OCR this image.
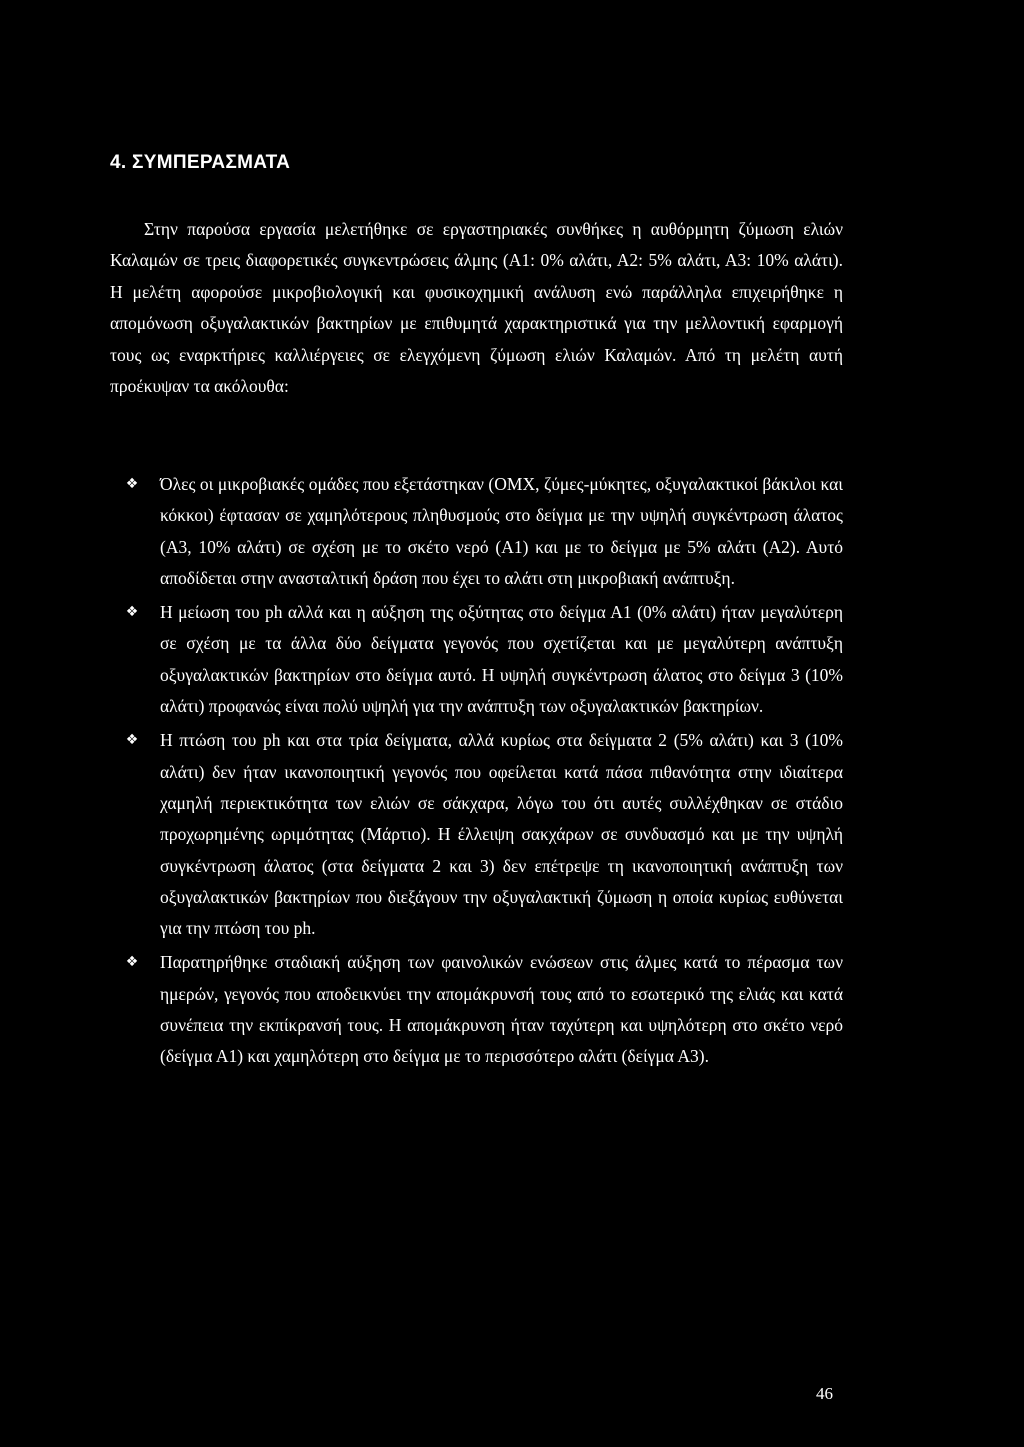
4. ΣΥΜΠΕΡΑΣΜΑΤΑ

Στην παρούσα εργασία μελετήθηκε σε εργαστηριακές συνθήκες η αυθόρμητη ζύμωση ελιών Καλαμών σε τρεις διαφορετικές συγκεντρώσεις άλμης (Α1: 0% αλάτι, Α2: 5% αλάτι, Α3: 10% αλάτι). Η μελέτη αφορούσε μικροβιολογική και φυσικοχημική ανάλυση ενώ παράλληλα επιχειρήθηκε η απομόνωση οξυγαλακτικών βακτηρίων με επιθυμητά χαρακτηριστικά για την μελλοντική εφαρμογή τους ως εναρκτήριες καλλιέργειες σε ελεγχόμενη ζύμωση ελιών Καλαμών. Από τη μελέτη αυτή προέκυψαν τα ακόλουθα:

❖ Όλες οι μικροβιακές ομάδες που εξετάστηκαν (ΟΜΧ, ζύμες-μύκητες, οξυγαλακτικοί βάκιλοι και κόκκοι) έφτασαν σε χαμηλότερους πληθυσμούς στο δείγμα με την υψηλή συγκέντρωση άλατος (Α3, 10% αλάτι) σε σχέση με το σκέτο νερό (Α1) και με το δείγμα με 5% αλάτι (Α2). Αυτό αποδίδεται στην ανασταλτική δράση που έχει το αλάτι στη μικροβιακή ανάπτυξη.
❖ Η μείωση του ph αλλά και η αύξηση της οξύτητας στο δείγμα Α1 (0% αλάτι) ήταν μεγαλύτερη σε σχέση με τα άλλα δύο δείγματα γεγονός που σχετίζεται και με μεγαλύτερη ανάπτυξη οξυγαλακτικών βακτηρίων στο δείγμα αυτό. Η υψηλή συγκέντρωση άλατος στο δείγμα 3 (10% αλάτι) προφανώς είναι πολύ υψηλή για την ανάπτυξη των οξυγαλακτικών βακτηρίων.
❖ Η πτώση του ph και στα τρία δείγματα, αλλά κυρίως στα δείγματα 2 (5% αλάτι) και 3 (10% αλάτι) δεν ήταν ικανοποιητική γεγονός που οφείλεται κατά πάσα πιθανότητα στην ιδιαίτερα χαμηλή περιεκτικότητα των ελιών σε σάκχαρα, λόγω του ότι αυτές συλλέχθηκαν σε στάδιο προχωρημένης ωριμότητας (Μάρτιο). Η έλλειψη σακχάρων σε συνδυασμό και με την υψηλή συγκέντρωση άλατος (στα δείγματα 2 και 3) δεν επέτρεψε τη ικανοποιητική ανάπτυξη των οξυγαλακτικών βακτηρίων που διεξάγουν την οξυγαλακτική ζύμωση η οποία κυρίως ευθύνεται για την πτώση του ph.
❖ Παρατηρήθηκε σταδιακή αύξηση των φαινολικών ενώσεων στις άλμες κατά το πέρασμα των ημερών, γεγονός που αποδεικνύει την απομάκρυνσή τους από το εσωτερικό της ελιάς και κατά συνέπεια την εκπίκρανσή τους. Η απομάκρυνση ήταν ταχύτερη και υψηλότερη στο σκέτο νερό (δείγμα Α1) και χαμηλότερη στο δείγμα με το περισσότερο αλάτι (δείγμα Α3).

46
